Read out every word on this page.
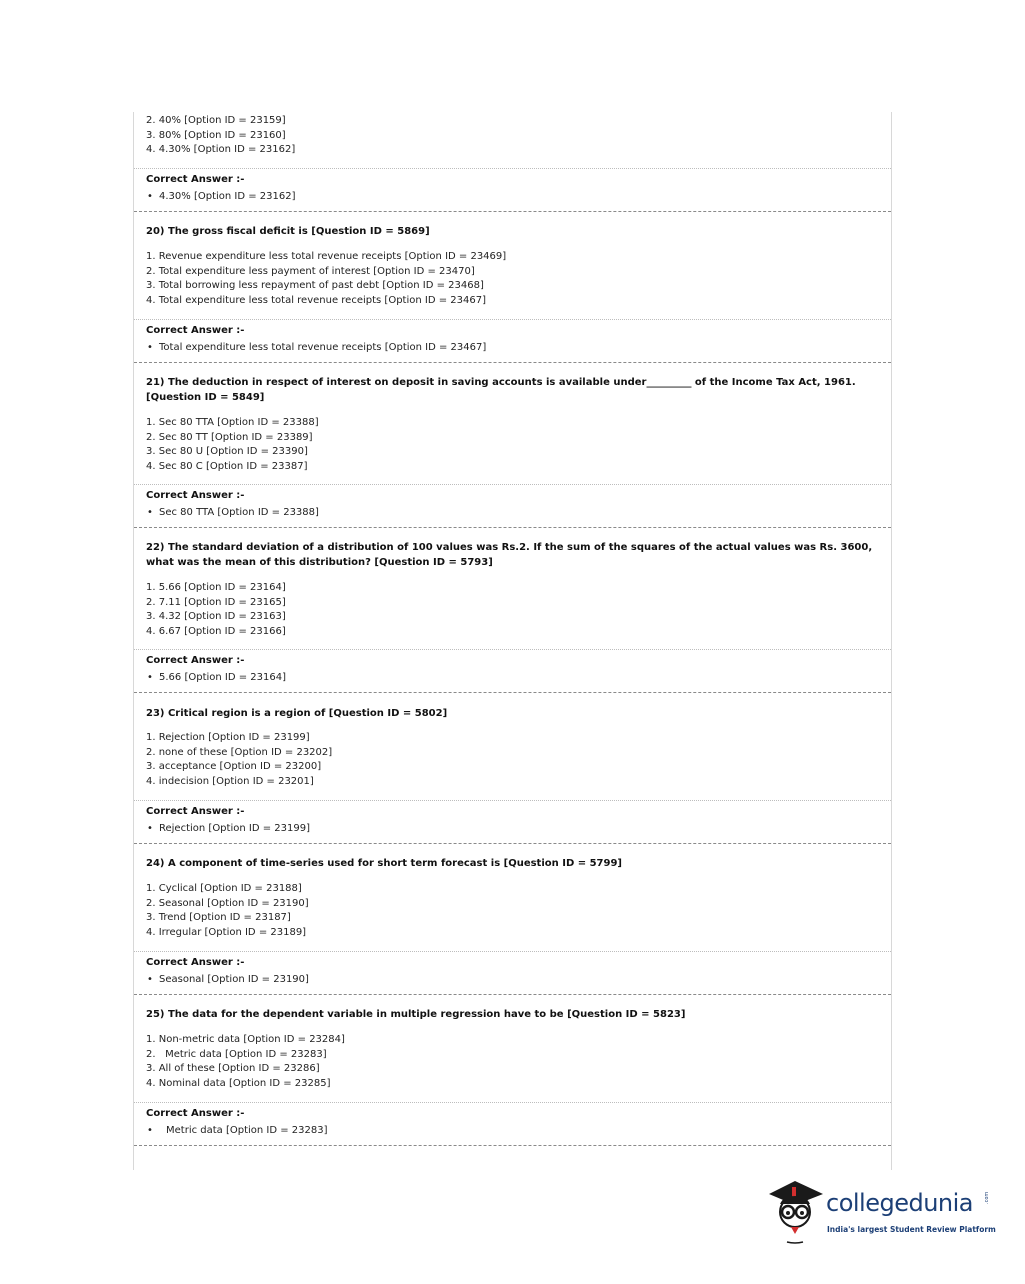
2. 40% [Option ID = 23159]
3. 80% [Option ID = 23160]
4. 4.30% [Option ID = 23162]
Correct Answer :-
• 4.30% [Option ID = 23162]
20) The gross fiscal deficit is [Question ID = 5869]
1. Revenue expenditure less total revenue receipts [Option ID = 23469]
2. Total expenditure less payment of interest [Option ID = 23470]
3. Total borrowing less repayment of past debt [Option ID = 23468]
4. Total expenditure less total revenue receipts [Option ID = 23467]
Correct Answer :-
• Total expenditure less total revenue receipts [Option ID = 23467]
21) The deduction in respect of interest on deposit in saving accounts is available under_________ of the Income Tax Act, 1961. [Question ID = 5849]
1. Sec 80 TTA [Option ID = 23388]
2. Sec 80 TT [Option ID = 23389]
3. Sec 80 U [Option ID = 23390]
4. Sec 80 C [Option ID = 23387]
Correct Answer :-
• Sec 80 TTA [Option ID = 23388]
22) The standard deviation of a distribution of 100 values was Rs.2. If the sum of the squares of the actual values was Rs. 3600, what was the mean of this distribution? [Question ID = 5793]
1. 5.66 [Option ID = 23164]
2. 7.11 [Option ID = 23165]
3. 4.32 [Option ID = 23163]
4. 6.67 [Option ID = 23166]
Correct Answer :-
• 5.66 [Option ID = 23164]
23) Critical region is a region of [Question ID = 5802]
1. Rejection [Option ID = 23199]
2. none of these [Option ID = 23202]
3. acceptance [Option ID = 23200]
4. indecision [Option ID = 23201]
Correct Answer :-
• Rejection [Option ID = 23199]
24) A component of time-series used for short term forecast is [Question ID = 5799]
1. Cyclical [Option ID = 23188]
2. Seasonal [Option ID = 23190]
3. Trend [Option ID = 23187]
4. Irregular [Option ID = 23189]
Correct Answer :-
• Seasonal [Option ID = 23190]
25) The data for the dependent variable in multiple regression have to be [Question ID = 5823]
1. Non-metric data [Option ID = 23284]
2.   Metric data [Option ID = 23283]
3. All of these [Option ID = 23286]
4. Nominal data [Option ID = 23285]
Correct Answer :-
• Metric data [Option ID = 23283]
collegedunia .com
India's largest Student Review Platform
